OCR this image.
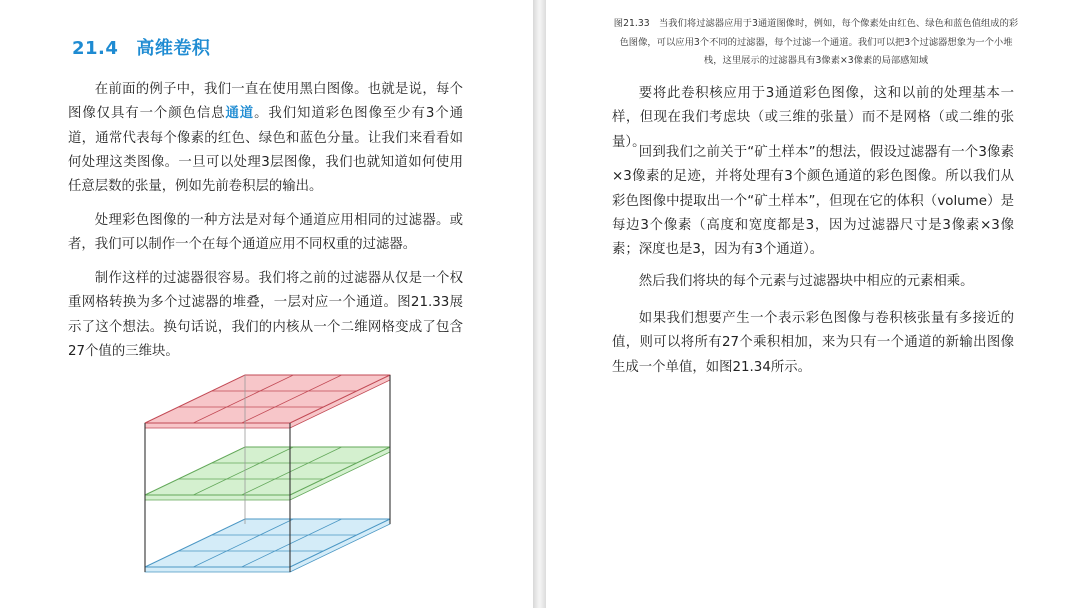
21.4 高维卷积

在前面的例子中，我们一直在使用黑白图像。也就是说，每个图像仅具有一个颜色信息通道。我们知道彩色图像至少有3个通道，通常代表每个像素的红色、绿色和蓝色分量。让我们来看看如何处理这类图像。一旦可以处理3层图像，我们也就知道如何使用任意层数的张量，例如先前卷积层的输出。

处理彩色图像的一种方法是对每个通道应用相同的过滤器。或者，我们可以制作一个在每个通道应用不同权重的过滤器。

制作这样的过滤器很容易。我们将之前的过滤器从仅是一个权重网格转换为多个过滤器的堆叠，一层对应一个通道。图21.33展示了这个想法。换句话说，我们的内核从一个二维网格变成了包含27个值的三维块。

图21.33　当我们将过滤器应用于3通道图像时，例如，每个像素处由红色、绿色和蓝色值组成的彩色图像，可以应用3个不同的过滤器，每个过滤一个通道。我们可以把3个过滤器想象为一个小堆栈，这里展示的过滤器具有3像素×3像素的局部感知域

要将此卷积核应用于3通道彩色图像，这和以前的处理基本一样，但现在我们考虑块（或三维的张量）而不是网格（或二维的张量）。

回到我们之前关于“矿土样本”的想法，假设过滤器有一个3像素×3像素的足迹，并将处理有3个颜色通道的彩色图像。所以我们从彩色图像中提取出一个“矿土样本”，但现在它的体积（volume）是每边3个像素（高度和宽度都是3，因为过滤器尺寸是3像素×3像素；深度也是3，因为有3个通道）。

然后我们将块的每个元素与过滤器块中相应的元素相乘。

如果我们想要产生一个表示彩色图像与卷积核张量有多接近的值，则可以将所有27个乘积相加，来为只有一个通道的新输出图像生成一个单值，如图21.34所示。
